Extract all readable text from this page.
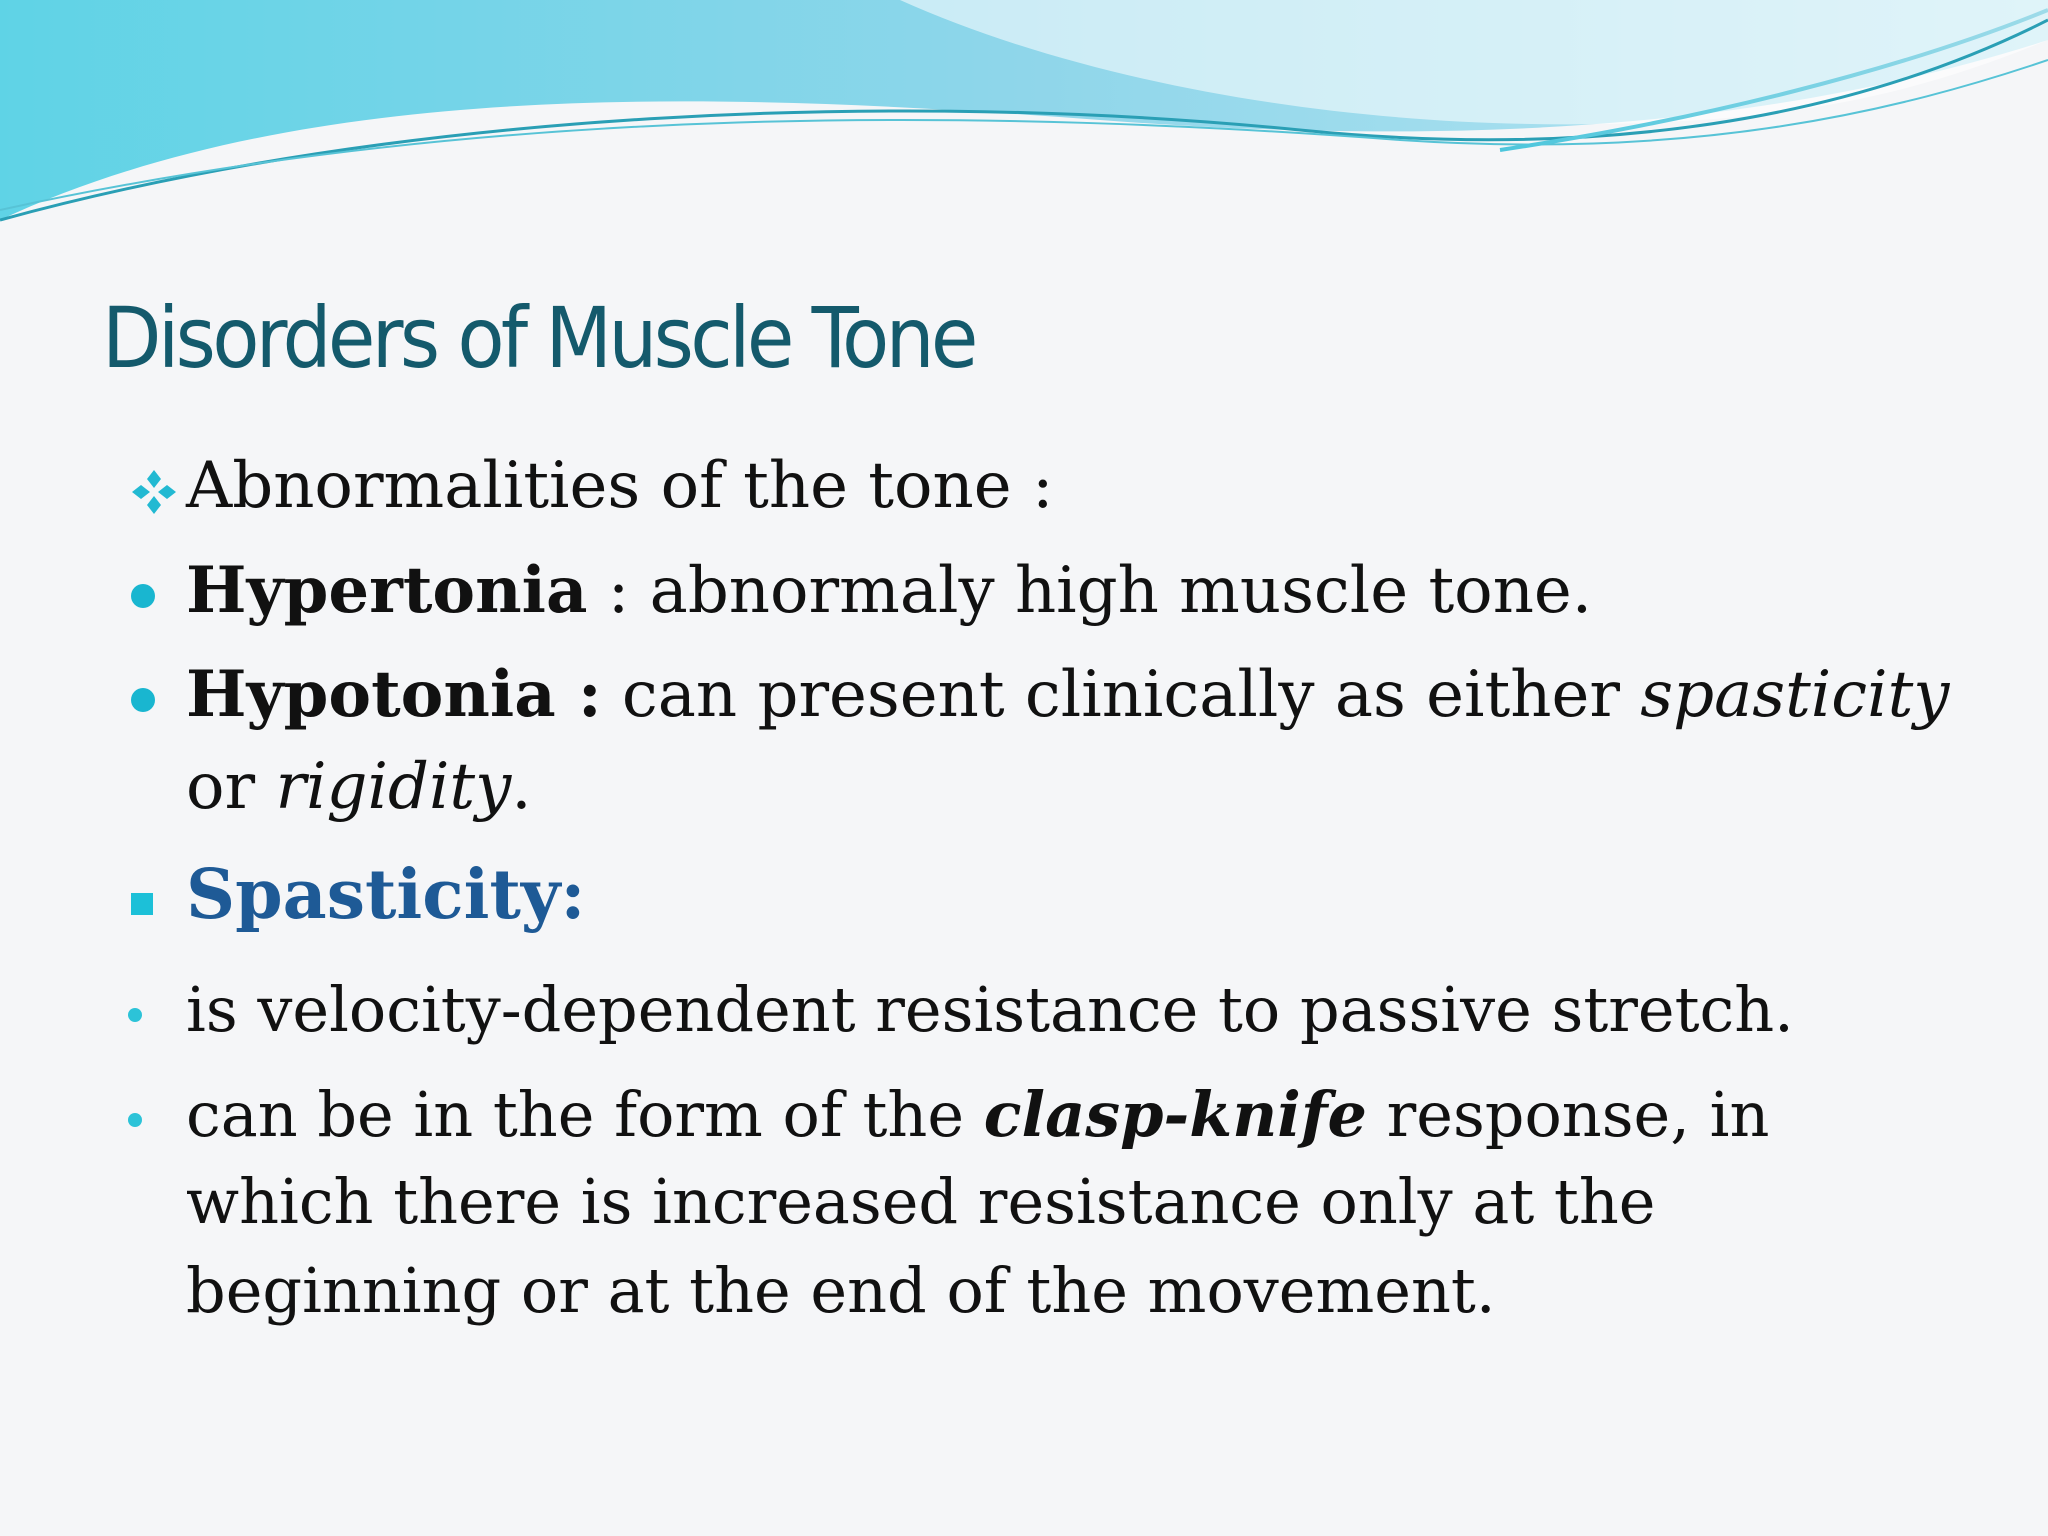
Disorders of Muscle Tone
Abnormalities of the tone :
Hypertonia : abnormaly high muscle tone.
Hypotonia : can present clinically as either spasticity
or rigidity.
Spasticity:
is velocity-dependent resistance to passive stretch.
can be in the form of the clasp-knife response, in
which there is increased resistance only at the
beginning or at the end of the movement.
